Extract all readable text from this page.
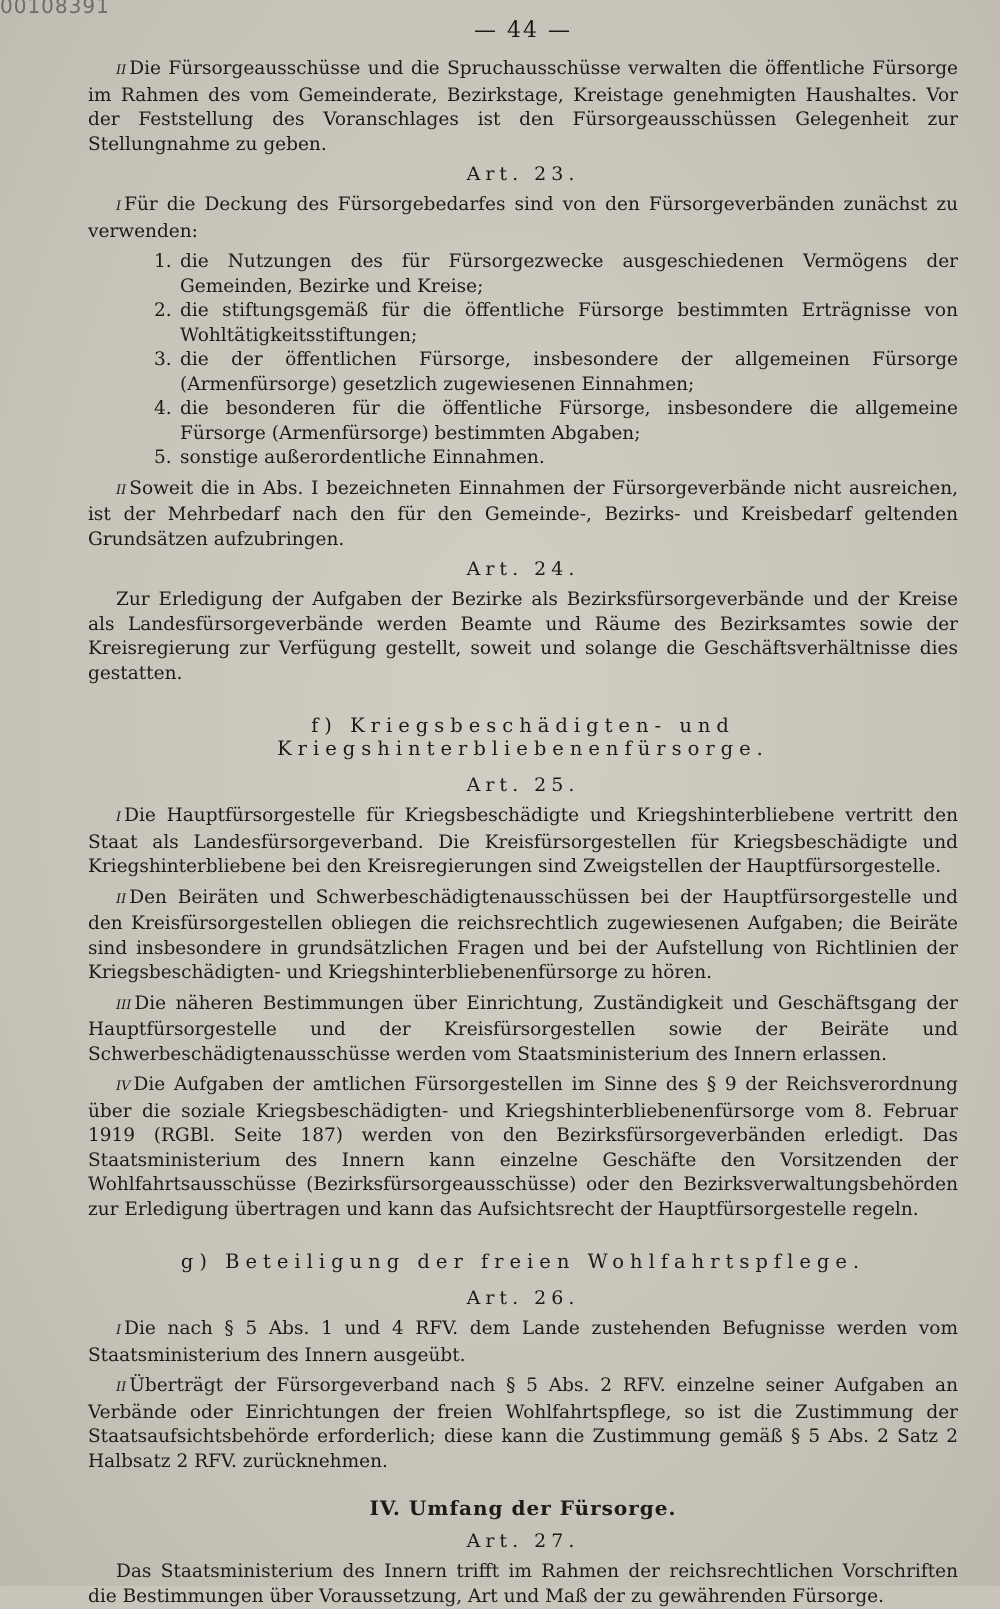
00108391
— 44 —

II Die Fürsorgeausschüsse und die Spruchausschüsse verwalten die öffentliche Fürsorge im Rahmen des vom Gemeinderate, Bezirkstage, Kreistage genehmigten Haushaltes. Vor der Feststellung des Voranschlages ist den Fürsorgeausschüssen Gelegenheit zur Stellungnahme zu geben.

Art. 23.

I Für die Deckung des Fürsorgebedarfes sind von den Fürsorgeverbänden zunächst zu verwenden:

1. die Nutzungen des für Fürsorgezwecke ausgeschiedenen Vermögens der Gemeinden, Bezirke und Kreise;
2. die stiftungsgemäß für die öffentliche Fürsorge bestimmten Erträgnisse von Wohltätigkeitsstiftungen;
3. die der öffentlichen Fürsorge, insbesondere der allgemeinen Fürsorge (Armenfürsorge) gesetzlich zugewiesenen Einnahmen;
4. die besonderen für die öffentliche Fürsorge, insbesondere die allgemeine Fürsorge (Armenfürsorge) bestimmten Abgaben;
5. sonstige außerordentliche Einnahmen.

II Soweit die in Abs. I bezeichneten Einnahmen der Fürsorgeverbände nicht ausreichen, ist der Mehrbedarf nach den für den Gemeinde-, Bezirks- und Kreisbedarf geltenden Grundsätzen aufzubringen.

Art. 24.

Zur Erledigung der Aufgaben der Bezirke als Bezirksfürsorgeverbände und der Kreise als Landesfürsorgeverbände werden Beamte und Räume des Bezirksamtes sowie der Kreisregierung zur Verfügung gestellt, soweit und solange die Geschäftsverhältnisse dies gestatten.

f) Kriegsbeschädigten- und Kriegshinterbliebenenfürsorge.
Art. 25.

I Die Hauptfürsorgestelle für Kriegsbeschädigte und Kriegshinterbliebene vertritt den Staat als Landesfürsorgeverband. Die Kreisfürsorgestellen für Kriegsbeschädigte und Kriegshinterbliebene bei den Kreisregierungen sind Zweigstellen der Hauptfürsorgestelle.

II Den Beiräten und Schwerbeschädigtenausschüssen bei der Hauptfürsorgestelle und den Kreisfürsorgestellen obliegen die reichsrechtlich zugewiesenen Aufgaben; die Beiräte sind insbesondere in grundsätzlichen Fragen und bei der Aufstellung von Richtlinien der Kriegsbeschädigten- und Kriegshinterbliebenenfürsorge zu hören.

III Die näheren Bestimmungen über Einrichtung, Zuständigkeit und Geschäftsgang der Hauptfürsorgestelle und der Kreisfürsorgestellen sowie der Beiräte und Schwerbeschädigtenausschüsse werden vom Staatsministerium des Innern erlassen.

IV Die Aufgaben der amtlichen Fürsorgestellen im Sinne des § 9 der Reichsverordnung über die soziale Kriegsbeschädigten- und Kriegshinterbliebenenfürsorge vom 8. Februar 1919 (RGBl. Seite 187) werden von den Bezirksfürsorgeverbänden erledigt. Das Staatsministerium des Innern kann einzelne Geschäfte den Vorsitzenden der Wohlfahrtsausschüsse (Bezirksfürsorgeausschüsse) oder den Bezirksverwaltungsbehörden zur Erledigung übertragen und kann das Aufsichtsrecht der Hauptfürsorgestelle regeln.

g) Beteiligung der freien Wohlfahrtspflege.
Art. 26.

I Die nach § 5 Abs. 1 und 4 RFV. dem Lande zustehenden Befugnisse werden vom Staatsministerium des Innern ausgeübt.

II Überträgt der Fürsorgeverband nach § 5 Abs. 2 RFV. einzelne seiner Aufgaben an Verbände oder Einrichtungen der freien Wohlfahrtspflege, so ist die Zustimmung der Staatsaufsichtsbehörde erforderlich; diese kann die Zustimmung gemäß § 5 Abs. 2 Satz 2 Halbsatz 2 RFV. zurücknehmen.

IV. Umfang der Fürsorge.
Art. 27.

Das Staatsministerium des Innern trifft im Rahmen der reichsrechtlichen Vorschriften die Bestimmungen über Voraussetzung, Art und Maß der zu gewährenden Fürsorge.
